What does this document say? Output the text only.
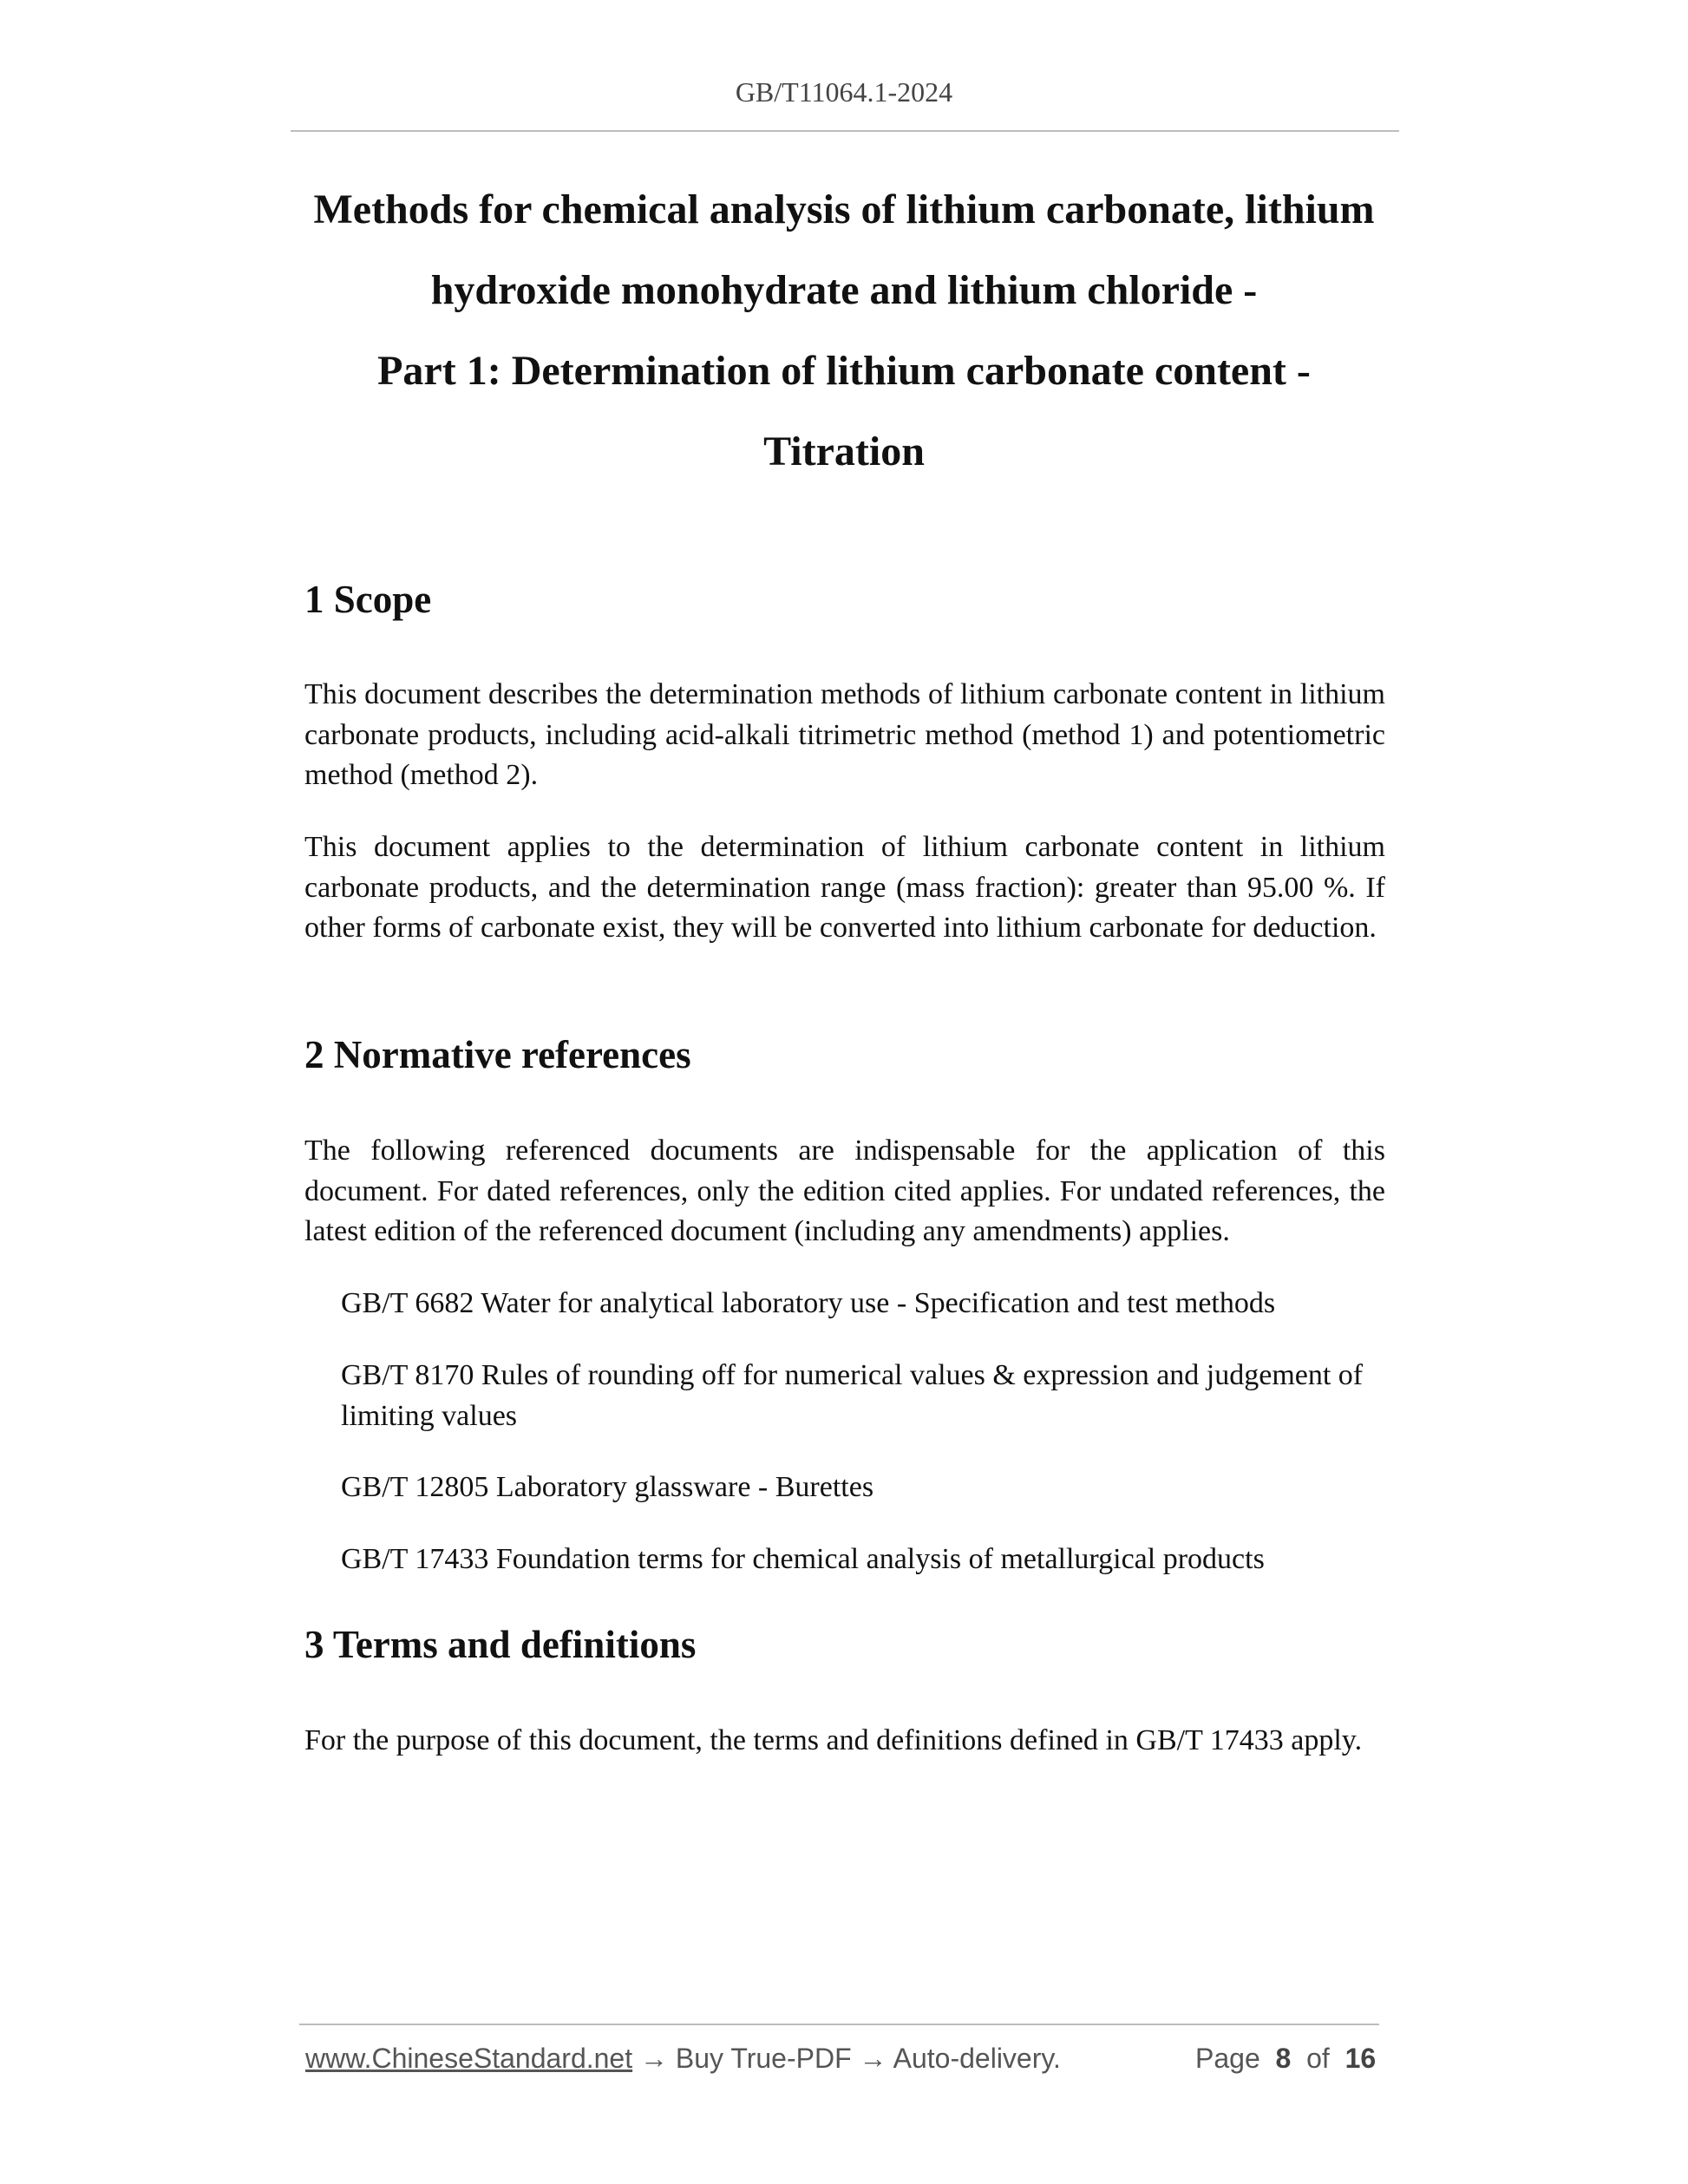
GB/T11064.1-2024
Methods for chemical analysis of lithium carbonate, lithium
hydroxide monohydrate and lithium chloride -
Part 1: Determination of lithium carbonate content -
Titration
1 Scope
This document describes the determination methods of lithium carbonate content in lithium carbonate products, including acid-alkali titrimetric method (method 1) and potentiometric method (method 2).
This document applies to the determination of lithium carbonate content in lithium carbonate products, and the determination range (mass fraction): greater than 95.00 %. If other forms of carbonate exist, they will be converted into lithium carbonate for deduction.
2 Normative references
The following referenced documents are indispensable for the application of this document. For dated references, only the edition cited applies. For undated references, the latest edition of the referenced document (including any amendments) applies.
GB/T 6682 Water for analytical laboratory use - Specification and test methods
GB/T 8170 Rules of rounding off for numerical values & expression and judgement of limiting values
GB/T 12805 Laboratory glassware - Burettes
GB/T 17433 Foundation terms for chemical analysis of metallurgical products
3 Terms and definitions
For the purpose of this document, the terms and definitions defined in GB/T 17433 apply.
www.ChineseStandard.net → Buy True-PDF → Auto-delivery.	Page 8 of 16
